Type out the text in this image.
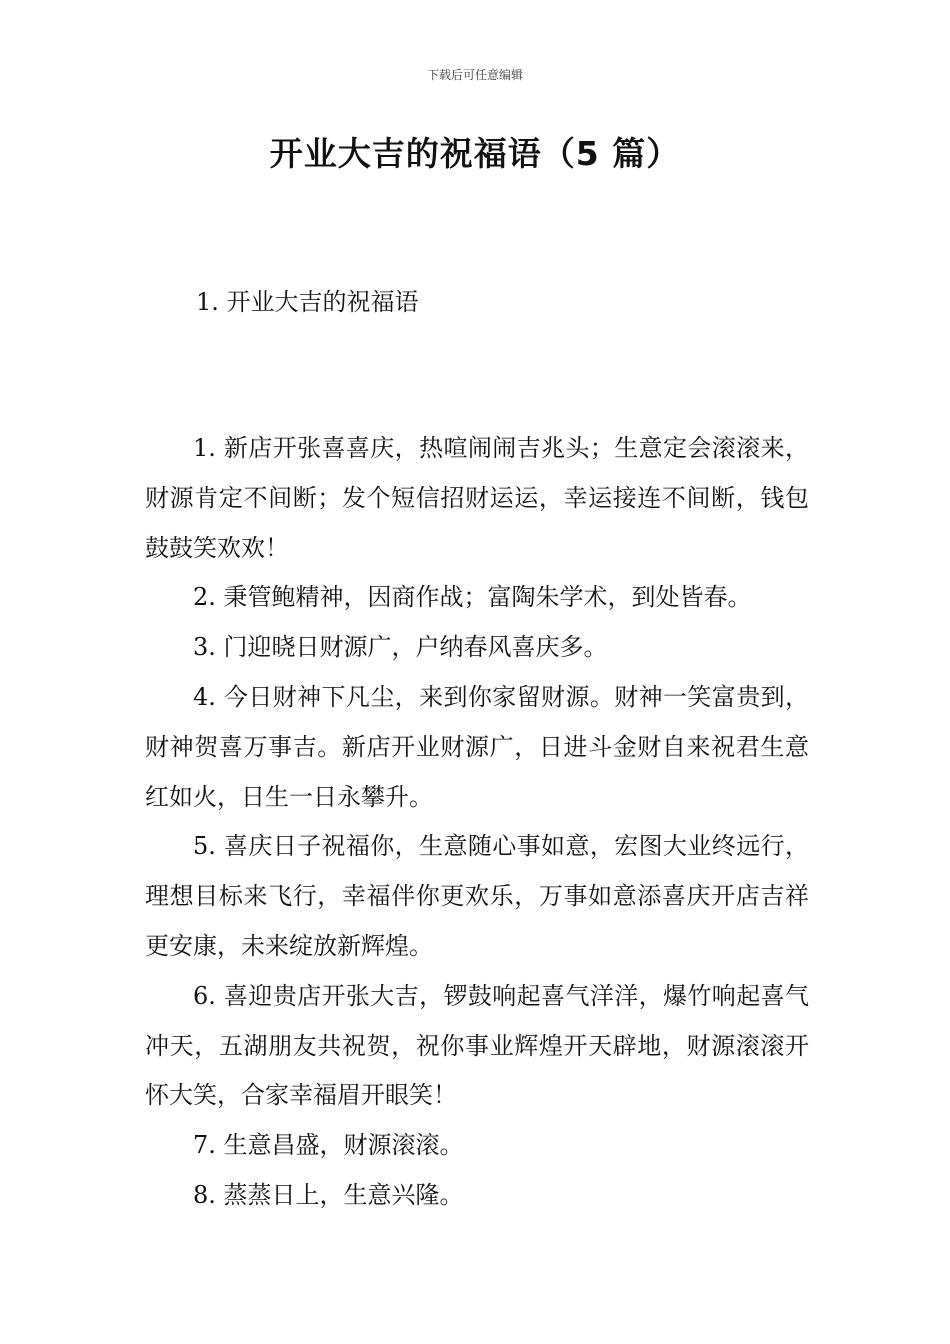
下载后可任意编辑
开业大吉的祝福语（5 篇）
1. 开业大吉的祝福语

1. 新店开张喜喜庆，热喧闹闹吉兆头；生意定会滚滚来，财源肯定不间断；发个短信招财运运，幸运接连不间断，钱包鼓鼓笑欢欢！

2. 秉管鲍精神，因商作战；富陶朱学术，到处皆春。

3. 门迎晓日财源广，户纳春风喜庆多。

4. 今日财神下凡尘，来到你家留财源。财神一笑富贵到，财神贺喜万事吉。新店开业财源广，日进斗金财自来祝君生意红如火，日生一日永攀升。

5. 喜庆日子祝福你，生意随心事如意，宏图大业终远行，理想目标来飞行，幸福伴你更欢乐，万事如意添喜庆开店吉祥更安康，未来绽放新辉煌。

6. 喜迎贵店开张大吉，锣鼓响起喜气洋洋，爆竹响起喜气冲天，五湖朋友共祝贺，祝你事业辉煌开天辟地，财源滚滚开怀大笑，合家幸福眉开眼笑！

7. 生意昌盛，财源滚滚。

8. 蒸蒸日上，生意兴隆。
